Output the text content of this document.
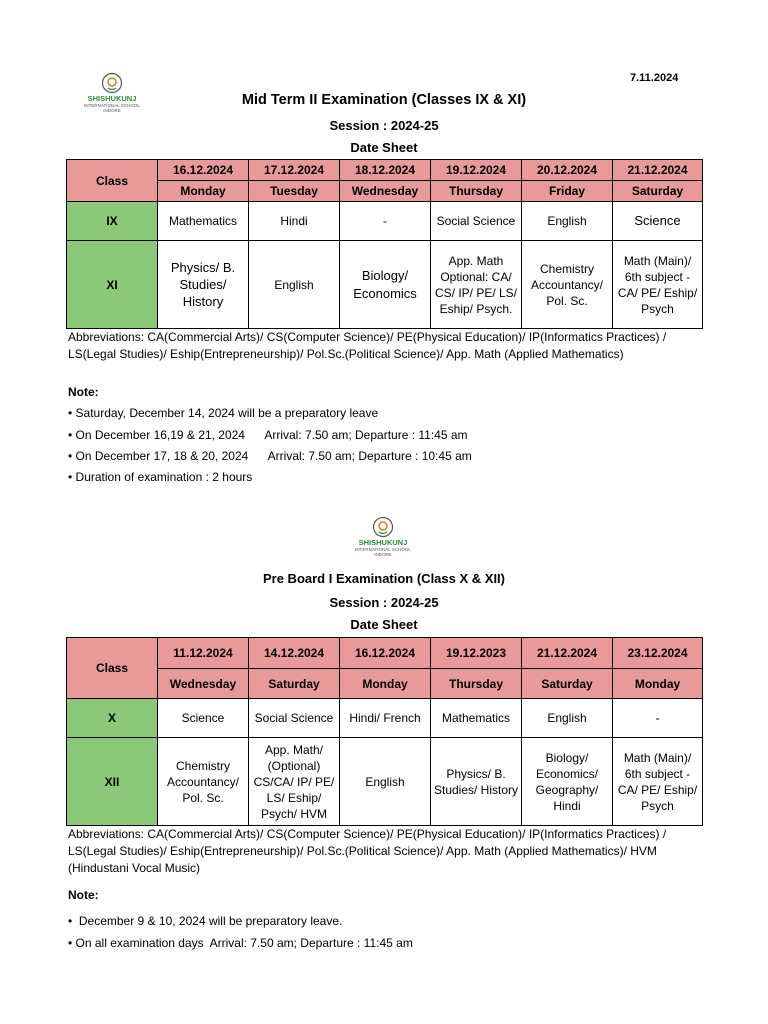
SHISHUKUNJ
INTERNATIONAL SCHOOL
INDORE
7.11.2024
Mid Term II Examination (Classes IX & XI)
Session : 2024-25
Date Sheet
Class	16.12.2024	17.12.2024	18.12.2024	19.12.2024	20.12.2024	21.12.2024
	Monday	Tuesday	Wednesday	Thursday	Friday	Saturday
IX	Mathematics	Hindi	-	Social Science	English	Science
XI	Physics/ B. Studies/ History	English	Biology/ Economics	App. Math Optional: CA/ CS/ IP/ PE/ LS/ Eship/ Psych.	Chemistry Accountancy/ Pol. Sc.	Math (Main)/ 6th subject - CA/ PE/ Eship/ Psych
Abbreviations: CA(Commercial Arts)/ CS(Computer Science)/ PE(Physical Education)/ IP(Informatics Practices) / LS(Legal Studies)/ Eship(Entrepreneurship)/ Pol.Sc.(Political Science)/ App. Math (Applied Mathematics)
Note:
• Saturday, December 14, 2024 will be a preparatory leave
• On December 16,19 & 21, 2024      Arrival: 7.50 am; Departure : 11:45 am
• On December 17, 18 & 20, 2024      Arrival: 7.50 am; Departure : 10:45 am
• Duration of examination : 2 hours
SHISHUKUNJ
INTERNATIONAL SCHOOL
INDORE
Pre Board I Examination (Class X & XII)
Session : 2024-25
Date Sheet
Class	11.12.2024	14.12.2024	16.12.2024	19.12.2023	21.12.2024	23.12.2024
	Wednesday	Saturday	Monday	Thursday	Saturday	Monday
X	Science	Social Science	Hindi/ French	Mathematics	English	-
XII	Chemistry Accountancy/ Pol. Sc.	App. Math/ (Optional) CS/CA/ IP/ PE/ LS/ Eship/ Psych/ HVM	English	Physics/ B. Studies/ History	Biology/ Economics/ Geography/ Hindi	Math (Main)/ 6th subject - CA/ PE/ Eship/ Psych
Abbreviations: CA(Commercial Arts)/ CS(Computer Science)/ PE(Physical Education)/ IP(Informatics Practices) / LS(Legal Studies)/ Eship(Entrepreneurship)/ Pol.Sc.(Political Science)/ App. Math (Applied Mathematics)/ HVM (Hindustani Vocal Music)
Note:
•  December 9 & 10, 2024 will be preparatory leave.
• On all examination days  Arrival: 7.50 am; Departure : 11:45 am
